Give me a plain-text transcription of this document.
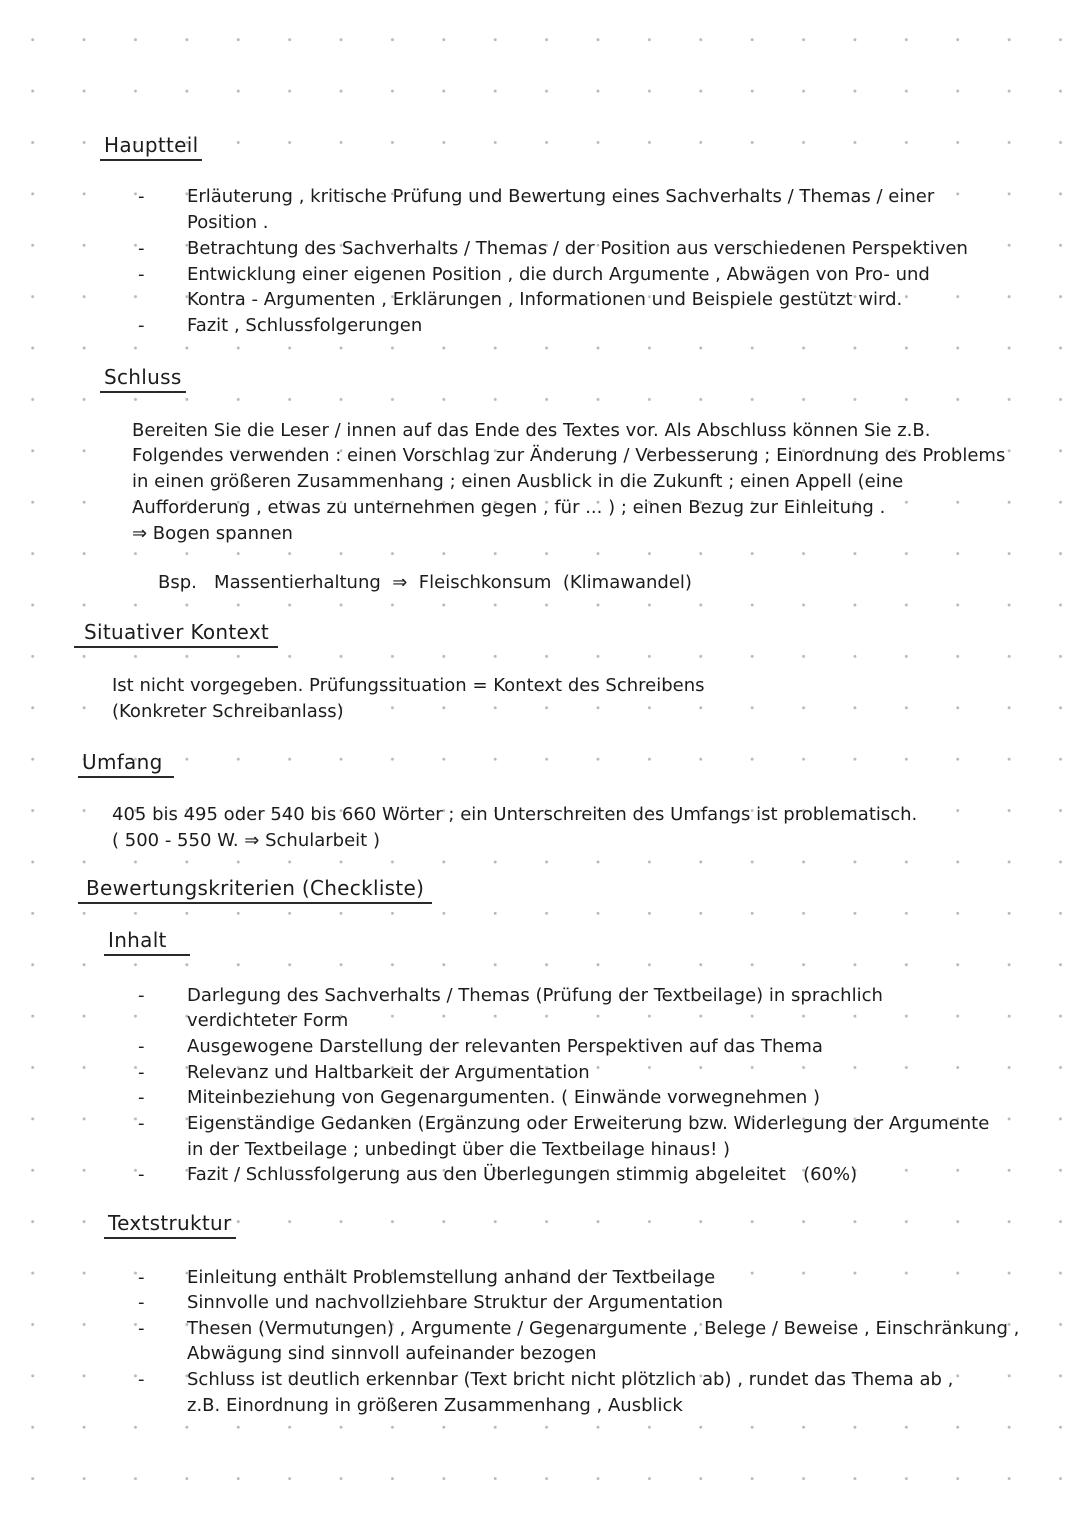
Hauptteil
-
-
-
-
Erläuterung , kritische Prüfung und Bewertung eines Sachverhalts / Themas / einer
Position .
Betrachtung des Sachverhalts / Themas / der Position aus verschiedenen Perspektiven
Entwicklung einer eigenen Position , die durch Argumente , Abwägen von Pro- und
Kontra - Argumenten , Erklärungen , Informationen und Beispiele gestützt wird.
Fazit , Schlussfolgerungen
Schluss
Bereiten Sie die Leser / innen auf das Ende des Textes vor. Als Abschluss können Sie z.B.
Folgendes verwenden : einen Vorschlag zur Änderung / Verbesserung ; Einordnung des Problems
in einen größeren Zusammenhang ; einen Ausblick in die Zukunft ; einen Appell (eine
Aufforderung , etwas zu unternehmen gegen , für ... ) ; einen Bezug zur Einleitung .
⇒ Bogen spannen
Bsp.   Massentierhaltung  ⇒  Fleischkonsum  (Klimawandel)
Situativer Kontext
Ist nicht vorgegeben. Prüfungssituation = Kontext des Schreibens
(Konkreter Schreibanlass)
Umfang
405 bis 495 oder 540 bis 660 Wörter ; ein Unterschreiten des Umfangs ist problematisch.
( 500 - 550 W. ⇒ Schularbeit )
Bewertungskriterien (Checkliste)
Inhalt
-
-
-
-
-
-
Darlegung des Sachverhalts / Themas (Prüfung der Textbeilage) in sprachlich
verdichteter Form
Ausgewogene Darstellung der relevanten Perspektiven auf das Thema
Relevanz und Haltbarkeit der Argumentation
Miteinbeziehung von Gegenargumenten. ( Einwände vorwegnehmen )
Eigenständige Gedanken (Ergänzung oder Erweiterung bzw. Widerlegung der Argumente
in der Textbeilage ; unbedingt über die Textbeilage hinaus! )
Fazit / Schlussfolgerung aus den Überlegungen stimmig abgeleitet   (60%)
Textstruktur
-
-
-
-
Einleitung enthält Problemstellung anhand der Textbeilage
Sinnvolle und nachvollziehbare Struktur der Argumentation
Thesen (Vermutungen) , Argumente / Gegenargumente , Belege / Beweise , Einschränkung ,
Abwägung sind sinnvoll aufeinander bezogen
Schluss ist deutlich erkennbar (Text bricht nicht plötzlich ab) , rundet das Thema ab ,
z.B. Einordnung in größeren Zusammenhang , Ausblick
